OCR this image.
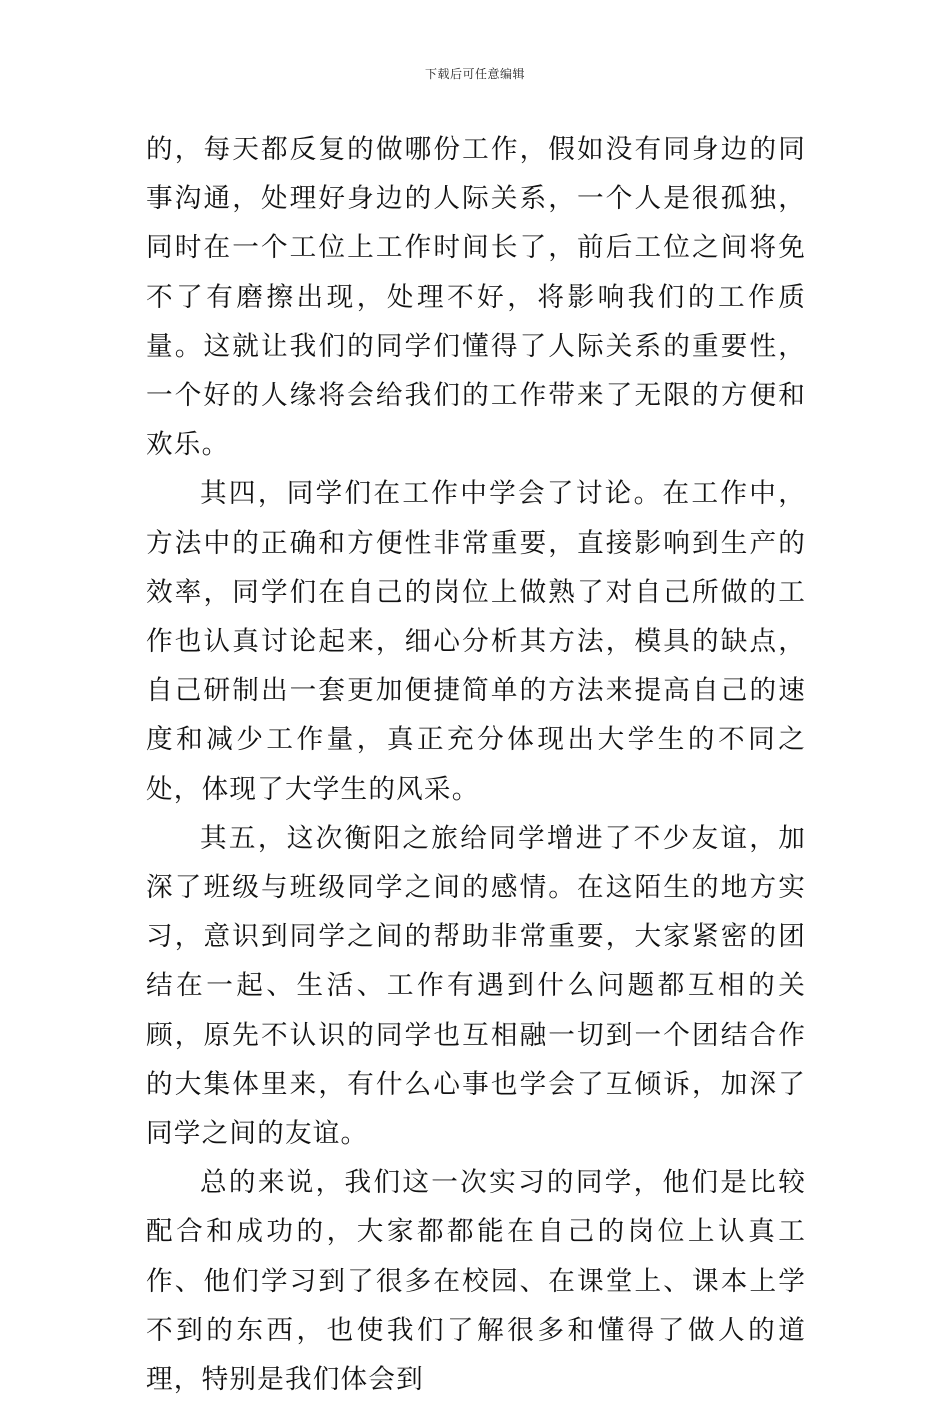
下载后可任意编辑

的，每天都反复的做哪份工作，假如没有同身边的同事沟通，处理好身边的人际关系，一个人是很孤独，同时在一个工位上工作时间长了，前后工位之间将免不了有磨擦出现，处理不好，将影响我们的工作质量。这就让我们的同学们懂得了人际关系的重要性，一个好的人缘将会给我们的工作带来了无限的方便和欢乐。

其四，同学们在工作中学会了讨论。在工作中，方法中的正确和方便性非常重要，直接影响到生产的效率，同学们在自己的岗位上做熟了对自己所做的工作也认真讨论起来，细心分析其方法，模具的缺点，自己研制出一套更加便捷简单的方法来提高自己的速度和减少工作量，真正充分体现出大学生的不同之处，体现了大学生的风采。

其五，这次衡阳之旅给同学增进了不少友谊，加深了班级与班级同学之间的感情。在这陌生的地方实习，意识到同学之间的帮助非常重要，大家紧密的团结在一起、生活、工作有遇到什么问题都互相的关顾，原先不认识的同学也互相融一切到一个团结合作的大集体里来，有什么心事也学会了互倾诉，加深了同学之间的友谊。

总的来说，我们这一次实习的同学，他们是比较配合和成功的，大家都都能在自己的岗位上认真工作、他们学习到了很多在校园、在课堂上、课本上学不到的东西，也使我们了解很多和懂得了做人的道理，特别是我们体会到
